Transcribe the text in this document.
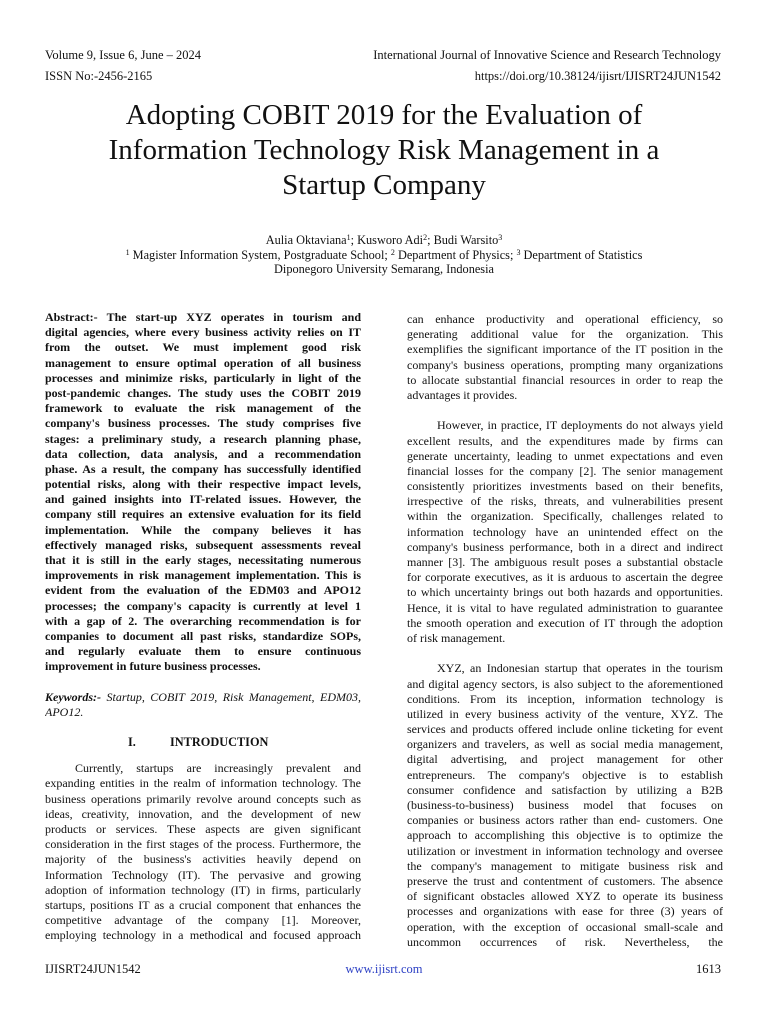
Volume 9, Issue 6, June – 2024
ISSN No:-2456-2165
International Journal of Innovative Science and Research Technology
https://doi.org/10.38124/ijisrt/IJISRT24JUN1542
Adopting COBIT 2019 for the Evaluation of
Information Technology Risk Management in a
Startup Company
Aulia Oktaviana$^1$; Kusworo Adi$^2$; Budi Warsito$^3$
$^1$ Magister Information System, Postgraduate School; $^2$ Department of Physics; $^3$ Department of Statistics
Diponegoro University Semarang, Indonesia
Abstract:- The start-up XYZ operates in tourism and
digital agencies, where every business activity relies on IT
from the outset. We must implement good risk
management to ensure optimal operation of all business
processes and minimize risks, particularly in light of the
post-pandemic changes. The study uses the COBIT 2019
framework to evaluate the risk management of the
company's business processes. The study comprises five
stages: a preliminary study, a research planning phase,
data collection, data analysis, and a recommendation
phase. As a result, the company has successfully identified
potential risks, along with their respective impact levels,
and gained insights into IT-related issues. However, the
company still requires an extensive evaluation for its field
implementation. While the company believes it has
effectively managed risks, subsequent assessments reveal
that it is still in the early stages, necessitating numerous
improvements in risk management implementation. This is
evident from the evaluation of the EDM03 and APO12
processes; the company's capacity is currently at level 1
with a gap of 2. The overarching recommendation is for
companies to document all past risks, standardize SOPs,
and regularly evaluate them to ensure continuous
improvement in future business processes.
Keywords:- Startup, COBIT 2019, Risk Management, EDM03,
APO12.
I.	INTRODUCTION
Currently, startups are increasingly prevalent and
expanding entities in the realm of information technology. The
business operations primarily revolve around concepts such as
ideas, creativity, innovation, and the development of new
products or services. These aspects are given significant
consideration in the first stages of the process. Furthermore, the
majority of the business's activities heavily depend on
Information Technology (IT). The pervasive and growing
adoption of information technology (IT) in firms, particularly
startups, positions IT as a crucial component that enhances the
competitive advantage of the company [1]. Moreover,
employing technology in a methodical and focused approach
can enhance productivity and operational efficiency, so
generating additional value for the organization. This
exemplifies the significant importance of the IT position in the
company's business operations, prompting many organizations
to allocate substantial financial resources in order to reap the
advantages it provides.
However, in practice, IT deployments do not always yield
excellent results, and the expenditures made by firms can
generate uncertainty, leading to unmet expectations and even
financial losses for the company [2]. The senior management
consistently prioritizes investments based on their benefits,
irrespective of the risks, threats, and vulnerabilities present
within the organization. Specifically, challenges related to
information technology have an unintended effect on the
company's business performance, both in a direct and indirect
manner [3]. The ambiguous result poses a substantial obstacle
for corporate executives, as it is arduous to ascertain the degree
to which uncertainty brings out both hazards and opportunities.
Hence, it is vital to have regulated administration to guarantee
the smooth operation and execution of IT through the adoption
of risk management.
XYZ, an Indonesian startup that operates in the tourism
and digital agency sectors, is also subject to the aforementioned
conditions. From its inception, information technology is
utilized in every business activity of the venture, XYZ. The
services and products offered include online ticketing for event
organizers and travelers, as well as social media management,
digital advertising, and project management for other
entrepreneurs. The company's objective is to establish
consumer confidence and satisfaction by utilizing a B2B
(business-to-business) business model that focuses on
companies or business actors rather than end- customers. One
approach to accomplishing this objective is to optimize the
utilization or investment in information technology and oversee
the company's management to mitigate business risk and
preserve the trust and contentment of customers. The absence
of significant obstacles allowed XYZ to operate its business
processes and organizations with ease for three (3) years of
operation, with the exception of occasional small-scale and
uncommon occurrences of risk. Nevertheless, the
IJISRT24JUN1542	www.ijisrt.com	1613
